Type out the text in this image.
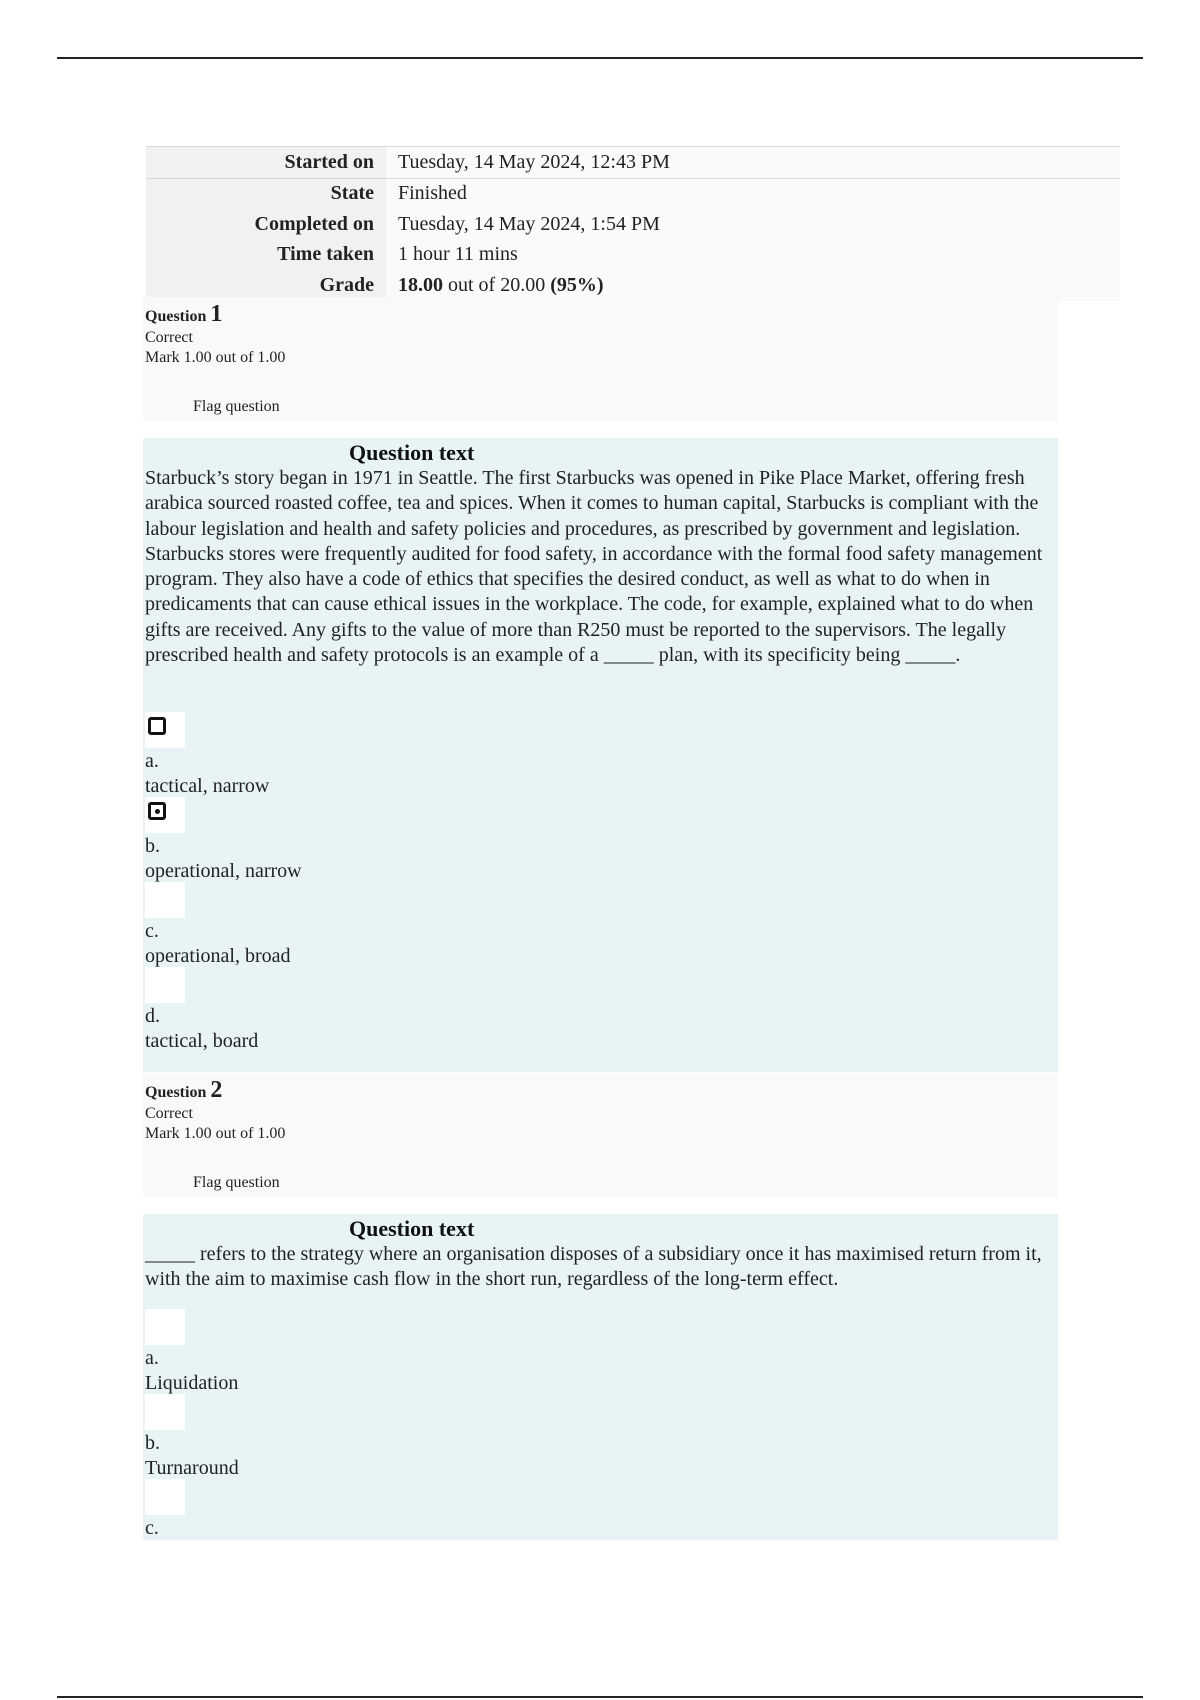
Started on	Tuesday, 14 May 2024, 12:43 PM
State	Finished
Completed on	Tuesday, 14 May 2024, 1:54 PM
Time taken	1 hour 11 mins
Grade	18.00 out of 20.00 (95%)
Question 1
Correct
Mark 1.00 out of 1.00
Flag question
Question text

Starbuck’s story began in 1971 in Seattle. The first Starbucks was opened in Pike Place Market, offering fresh arabica sourced roasted coffee, tea and spices. When it comes to human capital, Starbucks is compliant with the labour legislation and health and safety policies and procedures, as prescribed by government and legislation. Starbucks stores were frequently audited for food safety, in accordance with the formal food safety management program. They also have a code of ethics that specifies the desired conduct, as well as what to do when in predicaments that can cause ethical issues in the workplace. The code, for example, explained what to do when gifts are received. Any gifts to the value of more than R250 must be reported to the supervisors. The legally prescribed health and safety protocols is an example of a _____ plan, with its specificity being _____.

a.
tactical, narrow
b.
operational, narrow
c.
operational, broad
d.
tactical, board
Question 2
Correct
Mark 1.00 out of 1.00
Flag question
Question text

_____ refers to the strategy where an organisation disposes of a subsidiary once it has maximised return from it, with the aim to maximise cash flow in the short run, regardless of the long-term effect.

a.
Liquidation
b.
Turnaround
c.
